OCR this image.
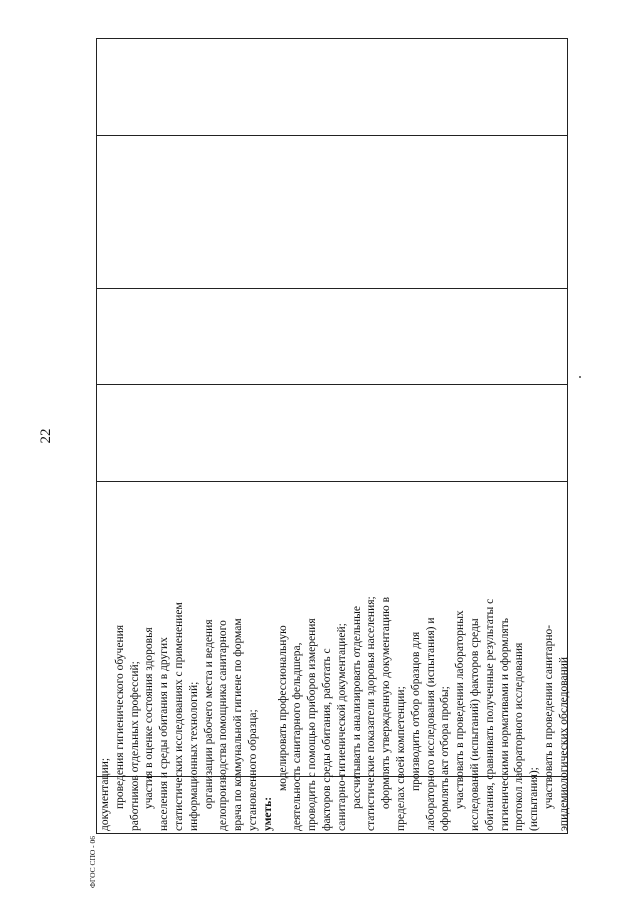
22
ФГОС СПО - 06

документации; проведения гигиенического обучения работников отдельных профессий; участия в оценке состояния здоровья населения и среды обитания и в других статистических исследованиях с применением информационных технологий; организации рабочего места и ведения делопроизводства помощника санитарного врача по коммунальной гигиене по формам установленного образца; уметь:

моделировать профессиональную деятельность санитарного фельдшера, проводить с помощью приборов измерения факторов среды обитания, работать с санитарно-гигиенической документацией; рассчитывать и анализировать отдельные статистические показатели здоровья населения; оформлять утвержденную документацию в пределах своей компетенции; производить отбор образцов для лабораторного исследования (испытания) и оформлять акт отбора пробы; участвовать в проведении лабораторных исследований (испытаний) факторов среды обитания, сравнивать полученные результаты с гигиеническими нормативами и оформлять протокол лабораторного исследования (испытания); участвовать в проведении санитарно- эпидемиологических обследований
